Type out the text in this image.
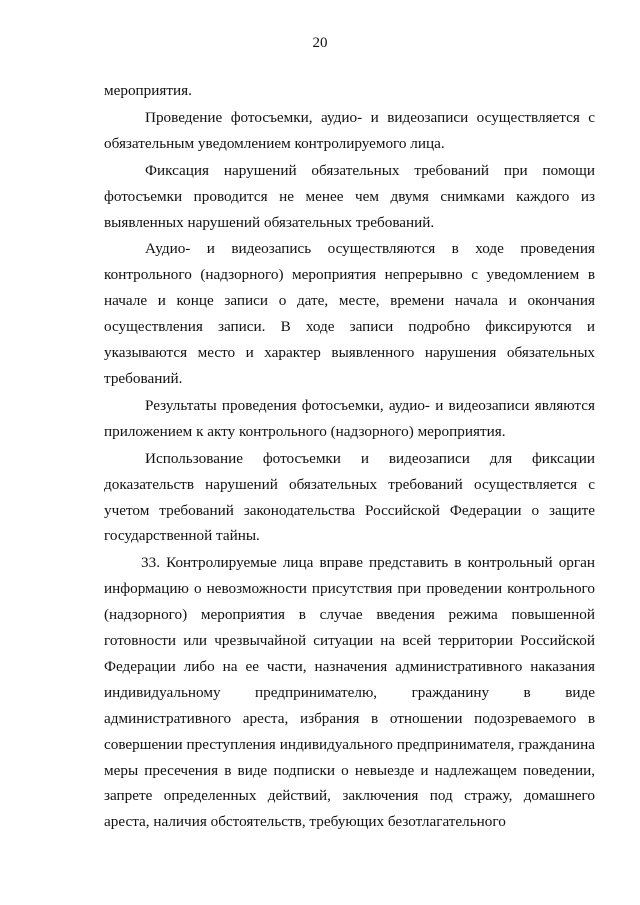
20

мероприятия.

Проведение фотосъемки, аудио- и видеозаписи осуществляется с обязательным уведомлением контролируемого лица.

Фиксация нарушений обязательных требований при помощи фотосъемки проводится не менее чем двумя снимками каждого из выявленных нарушений обязательных требований.

Аудио- и видеозапись осуществляются в ходе проведения контрольного (надзорного) мероприятия непрерывно с уведомлением в начале и конце записи о дате, месте, времени начала и окончания осуществления записи. В ходе записи подробно фиксируются и указываются место и характер выявленного нарушения обязательных требований.

Результаты проведения фотосъемки, аудио- и видеозаписи являются приложением к акту контрольного (надзорного) мероприятия.

Использование фотосъемки и видеозаписи для фиксации доказательств нарушений обязательных требований осуществляется с учетом требований законодательства Российской Федерации о защите государственной тайны.

33. Контролируемые лица вправе представить в контрольный орган информацию о невозможности присутствия при проведении контрольного (надзорного) мероприятия в случае введения режима повышенной готовности или чрезвычайной ситуации на всей территории Российской Федерации либо на ее части, назначения административного наказания индивидуальному предпринимателю, гражданину в виде административного ареста, избрания в отношении подозреваемого в совершении преступления индивидуального предпринимателя, гражданина меры пресечения в виде подписки о невыезде и надлежащем поведении, запрете определенных действий, заключения под стражу, домашнего ареста, наличия обстоятельств, требующих безотлагательного
